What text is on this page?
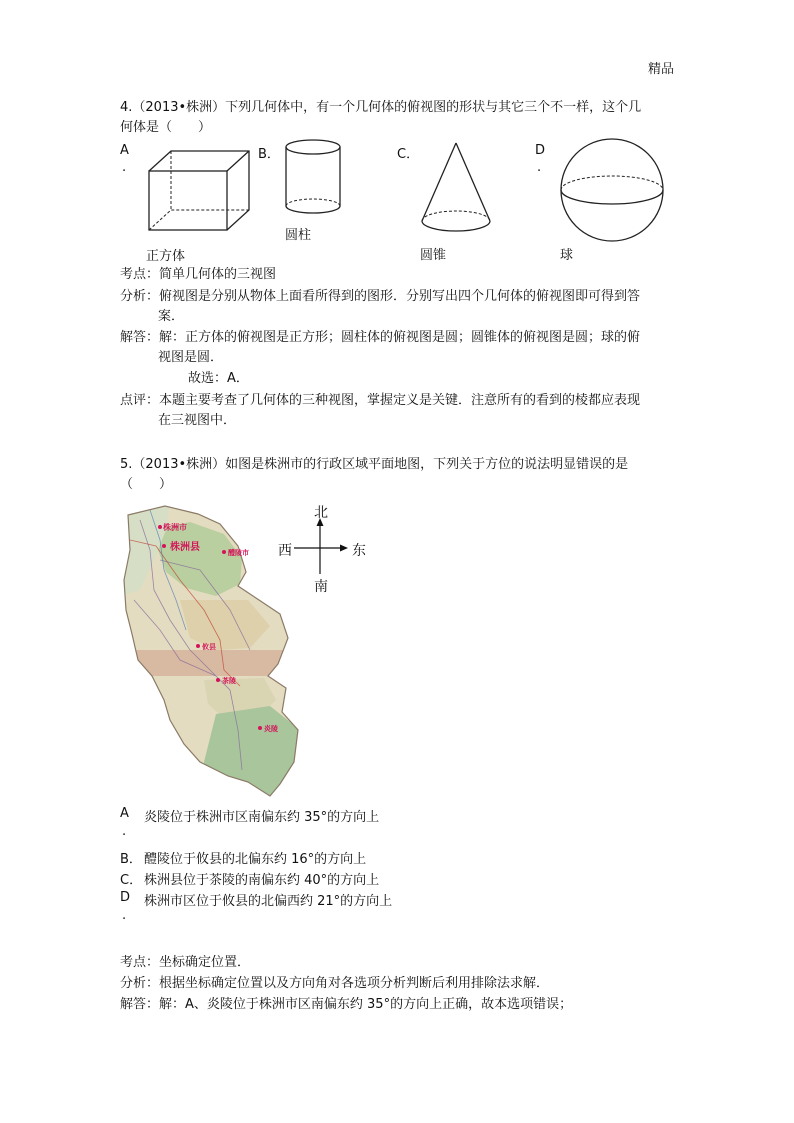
精品
4.（2013•株洲）下列几何体中，有一个几何体的俯视图的形状与其它三个不一样，这个几
何体是（　　）
A
.
B．	C．	D
.
正方体
圆柱
圆锥	球
考点：简单几何体的三视图
分析：俯视图是分别从物体上面看所得到的图形．分别写出四个几何体的俯视图即可得到答
案．
解答：解：正方体的俯视图是正方形；圆柱体的俯视图是圆；圆锥体的俯视图是圆；球的俯
视图是圆．
故选：A．
点评：本题主要考查了几何体的三种视图，掌握定义是关键．注意所有的看到的棱都应表现
在三视图中．
5.（2013•株洲）如图是株洲市的行政区域平面地图，下列关于方位的说法明显错误的是
（　　）
株洲市
株洲县	醴陵市
攸县
茶陵
炎陵
北
西	东
南
A 炎陵位于株洲市区南偏东约 35°的方向上
.
B． 醴陵位于攸县的北偏东约 16°的方向上
C． 株洲县位于茶陵的南偏东约 40°的方向上
D 株洲市区位于攸县的北偏西约 21°的方向上
.
考点：坐标确定位置．
分析：根据坐标确定位置以及方向角对各选项分析判断后利用排除法求解．
解答：解：A、炎陵位于株洲市区南偏东约 35°的方向上正确，故本选项错误；
